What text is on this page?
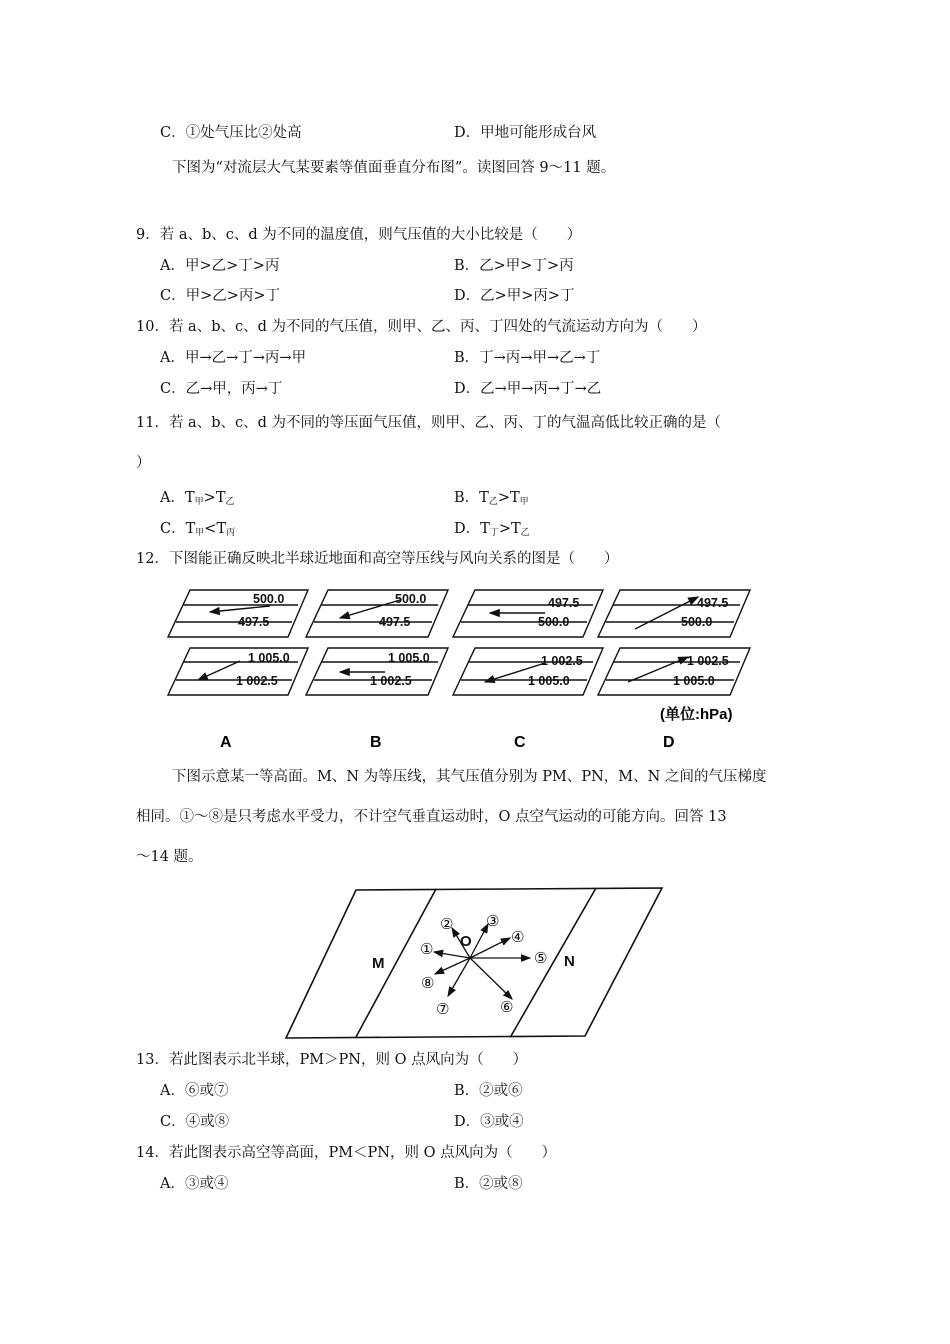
C．①处气压比②处高	D．甲地可能形成台风
下图为“对流层大气某要素等值面垂直分布图”。读图回答 9～11 题。
9．若 a、b、c、d 为不同的温度值，则气压值的大小比较是（　　）
A．甲>乙>丁>丙	B．乙>甲>丁>丙
C．甲>乙>丙>丁	D．乙>甲>丙>丁
10．若 a、b、c、d 为不同的气压值，则甲、乙、丙、丁四处的气流运动方向为（　　）
A．甲→乙→丁→丙→甲	B．丁→丙→甲→乙→丁
C．乙→甲，丙→丁	D．乙→甲→丙→丁→乙
11．若 a、b、c、d 为不同的等压面气压值，则甲、乙、丙、丁的气温高低比较正确的是（
）
A．$T_甲>T_乙$	B．$T_乙>T_甲$
C．$T_甲<T_丙$	D．$T_丁>T_乙$
12．下图能正确反映北半球近地面和高空等压线与风向关系的图是（　　）
500.0
497.5
1 005.0
1 002.5
500.0
497.5
1 005.0
1 002.5
497.5
500.0
1 002.5
1 005.0
497.5
500.0
1 002.5
1 005.0
(单位:hPa)
A	B	C	D
下图示意某一等高面。M、N 为等压线，其气压值分别为 PM、PN，M、N 之间的气压梯度
相同。①～⑧是只考虑水平受力，不计空气垂直运动时，O 点空气运动的可能方向。回答 13
～14 题。
M	N
O
①
② ③
④
⑤
⑥
⑦
⑧
13．若此图表示北半球，PM＞PN，则 O 点风向为（　　）
A．⑥或⑦	B．②或⑥
C．④或⑧	D．③或④
14．若此图表示高空等高面，PM＜PN，则 O 点风向为（　　）
A．③或④	B．②或⑧
